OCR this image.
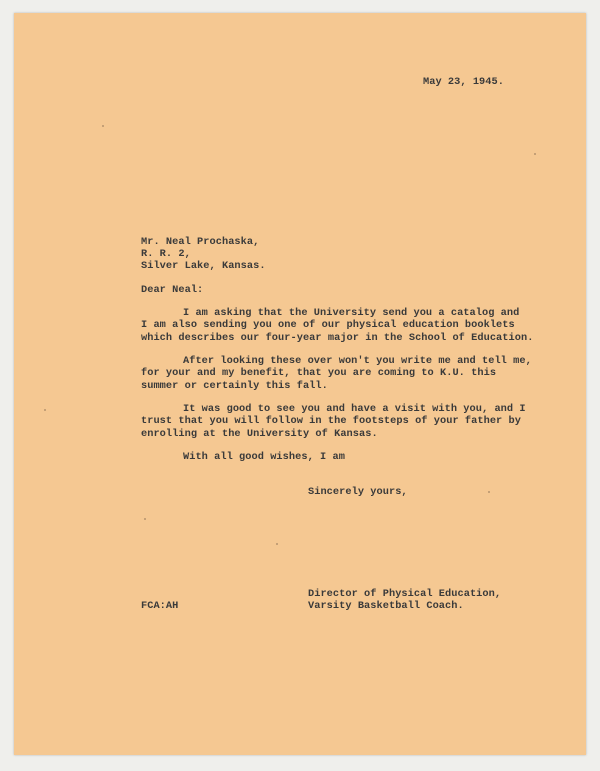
May 23, 1945.
Mr. Neal Prochaska,
R. R. 2,
Silver Lake, Kansas.
Dear Neal:
I am asking that the University send you a catalog and
I am also sending you one of our physical education booklets
which describes our four-year major in the School of Education.
After looking these over won't you write me and tell me,
for your and my benefit, that you are coming to K.U. this
summer or certainly this fall.
It was good to see you and have a visit with you, and I
trust that you will follow in the footsteps of your father by
enrolling at the University of Kansas.
With all good wishes, I am
Sincerely yours,
FCA:AH
Director of Physical Education,
Varsity Basketball Coach.
